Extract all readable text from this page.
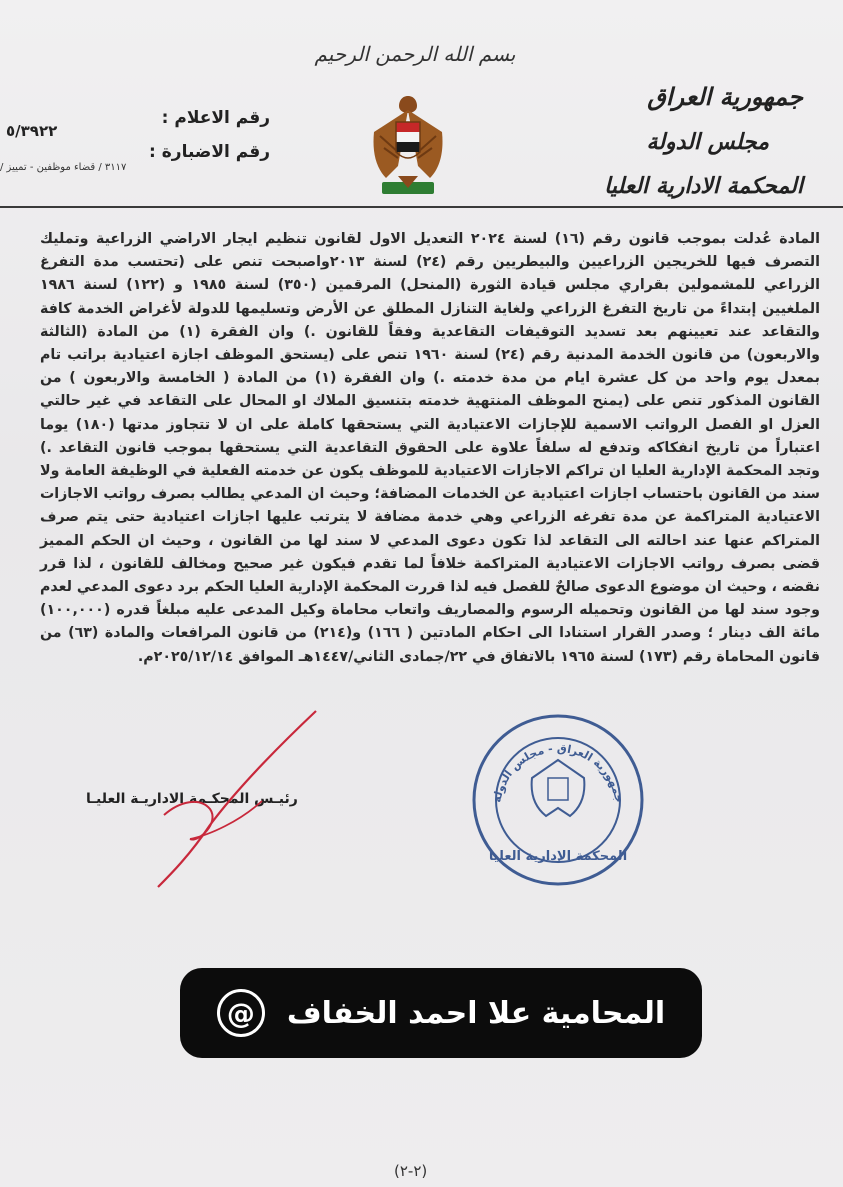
بسم الله الرحمن الرحيم
جمهورية العراق
مجلس الدولة
المحكمة الادارية العليا
رقم الاعلام :
رقم الاضبارة :
٥/٣٩٢٢
٣١١٧ / قضاء موظفين - تمييز /

المادة عُدلت بموجب قانون رقم (١٦) لسنة ٢٠٢٤ التعديل الاول لقانون تنظيم ايجار الاراضي الزراعية وتمليك التصرف فيها للخريجين الزراعيين والبيطريين رقم (٢٤) لسنة ٢٠١٣واصبحت تنص على (تحتسب مدة التفرغ الزراعي للمشمولين بقراري مجلس قيادة الثورة (المنحل) المرقمين (٣٥٠) لسنة ١٩٨٥ و (١٢٢) لسنة ١٩٨٦ الملغيين إبتداءً من تاريخ التفرغ الزراعي ولغاية التنازل المطلق عن الأرض وتسليمها للدولة لأغراض الخدمة كافة والتقاعد عند تعيينهم بعد تسديد التوقيفات التقاعدية وفقاً للقانون .) وان الفقرة (١) من المادة (الثالثة والاربعون) من قانون الخدمة المدنية رقم (٢٤) لسنة ١٩٦٠ تنص على (يستحق الموظف اجازة اعتيادية براتب تام بمعدل يوم واحد من كل عشرة ايام من مدة خدمته .) وان الفقرة (١) من المادة ( الخامسة والاربعون ) من القانون المذكور تنص على (يمنح الموظف المنتهية خدمته بتنسيق الملاك او المحال على التقاعد في غير حالتي العزل او الفصل الرواتب الاسمية للإجازات الاعتيادية التي يستحقها كاملة على ان لا تتجاوز مدتها (١٨٠) يوما اعتباراً من تاريخ انفكاكه وتدفع له سلفاً علاوة على الحقوق التقاعدية التي يستحقها بموجب قانون التقاعد .) وتجد المحكمة الإدارية العليا ان تراكم الاجازات الاعتيادية للموظف يكون عن خدمته الفعلية في الوظيفة العامة ولا سند من القانون باحتساب اجازات اعتيادية عن الخدمات المضافة؛ وحيث ان المدعي يطالب بصرف رواتب الاجازات الاعتيادية المتراكمة عن مدة تفرغه الزراعي وهي خدمة مضافة لا يترتب عليها اجازات اعتيادية حتى يتم صرف المتراكم عنها عند احالته الى التقاعد لذا تكون دعوى المدعي لا سند لها من القانون ، وحيث ان الحكم المميز قضى بصرف رواتب الاجازات الاعتيادية المتراكمة خلافاً لما تقدم فيكون غير صحيح ومخالف للقانون ، لذا قرر نقضه ، وحيث ان موضوع الدعوى صالحٌ للفصل فيه لذا قررت المحكمة الإدارية العليا الحكم برد دعوى المدعي لعدم وجود سند لها من القانون وتحميله الرسوم والمصاريف واتعاب محاماة وكيل المدعى عليه مبلغاً قدره (١٠٠,٠٠٠) مائة الف دينار ؛ وصدر القرار استنادا الى احكام المادتين ( ١٦٦) و(٢١٤) من قانون المرافعات والمادة (٦٣) من قانون المحاماة رقم (١٧٣) لسنة ١٩٦٥ بالاتفاق في ٢٢/جمادى الثاني/١٤٤٧هـ الموافق ٢٠٢٥/١٢/١٤م.

رئيـس المحكـمة الاداريـة العليـا	جمهورية العراق - مجلس الدولة
المحكمة الإدارية العليا
المحامية علا احمد الخفاف
@
(٢-٢)
